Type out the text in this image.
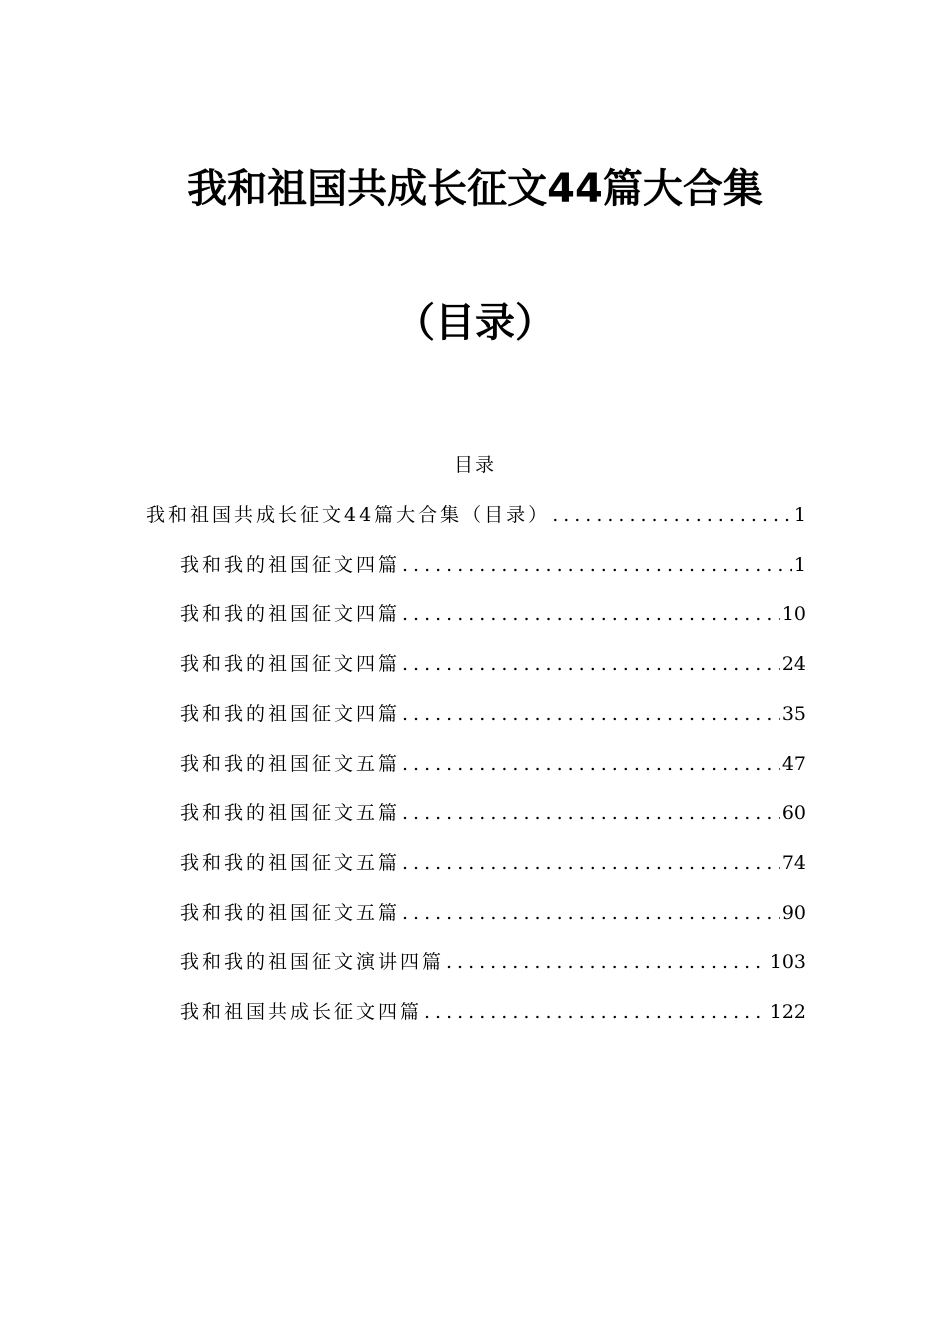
我和祖国共成长征文44篇大合集
（目录）
目录
我和祖国共成长征文44篇大合集（目录） .....	1
我和我的祖国征文四篇 .....	1
我和我的祖国征文四篇 .....	10
我和我的祖国征文四篇 .....	24
我和我的祖国征文四篇 .....	35
我和我的祖国征文五篇 .....	47
我和我的祖国征文五篇 .....	60
我和我的祖国征文五篇 .....	74
我和我的祖国征文五篇 .....	90
我和我的祖国征文演讲四篇 .....	103
我和祖国共成长征文四篇 .....	122
